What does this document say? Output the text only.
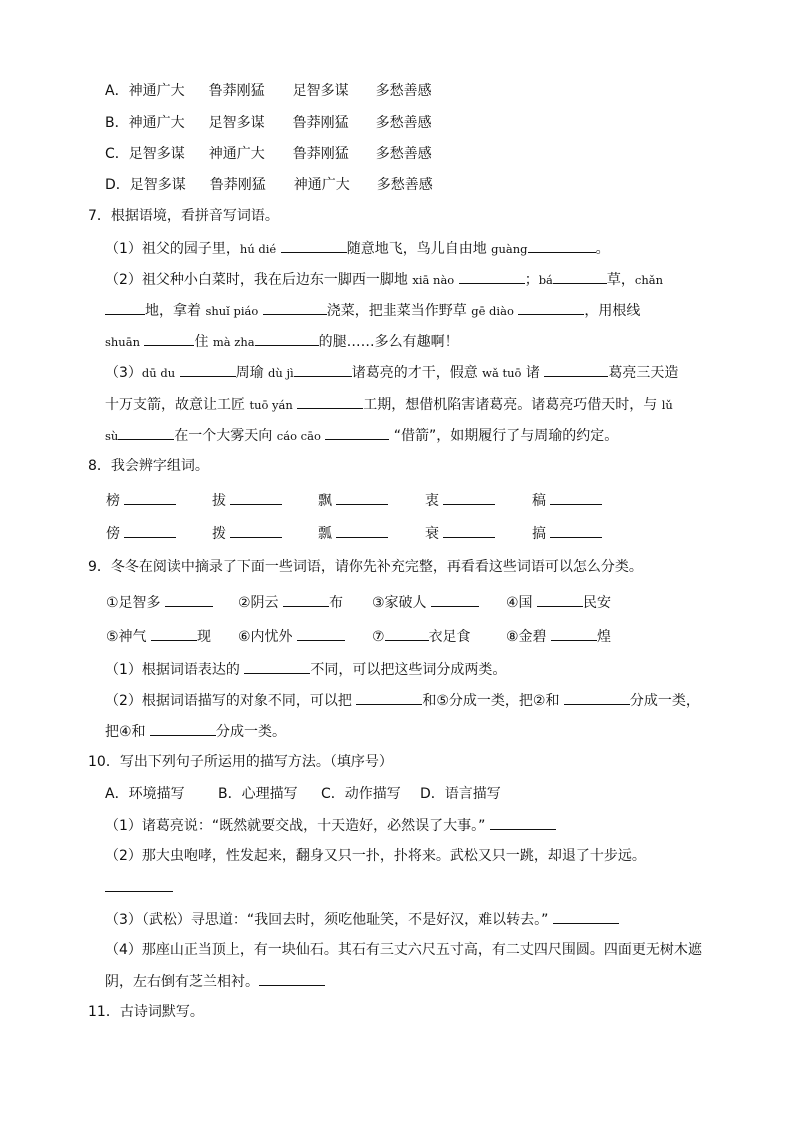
A．神通广大 鲁莽刚猛 足智多谋 多愁善感
B．神通广大 足智多谋 鲁莽刚猛 多愁善感
C．足智多谋 神通广大 鲁莽刚猛 多愁善感
D．足智多谋 鲁莽刚猛 神通广大 多愁善感
7．根据语境，看拼音写词语。
（1）祖父的园子里，hú dié	随意地飞，鸟儿自由地 guàng	。
（2）祖父种小白菜时，我在后边东一脚西一脚地 xiā nào	；bá	草，chǎn
地，拿着 shuǐ piáo	浇菜，把韭菜当作野草 gē diào	，用根线
shuān	住 mà zha	的腿……多么有趣啊！
（3）dū du	周瑜 dù jì	诸葛亮的才干，假意 wǎ tuō 诸	葛亮三天造
十万支箭，故意让工匠 tuō yán	工期，想借机陷害诸葛亮。诸葛亮巧借天时，与 lǔ
sù	在一个大雾天向 cáo cāo	“借箭”，如期履行了与周瑜的约定。
8．我会辨字组词。
榜	拔	飘	衷	稿
傍	拨	瓢	衰	搞
9．冬冬在阅读中摘录了下面一些词语，请你先补充完整，再看看这些词语可以怎么分类。
①足智多	②阴云	布 ③家破人	④国	民安
⑤神气	现 ⑥内忧外	⑦	衣足食	⑧金碧	煌
（1）根据词语表达的	不同，可以把这些词分成两类。
（2）根据词语描写的对象不同，可以把	和⑤分成一类，把②和	分成一类，
把④和	分成一类。
10．写出下列句子所运用的描写方法。（填序号）
A．环境描写 B．心理描写 C．动作描写 D．语言描写
（1）诸葛亮说：“既然就要交战，十天造好，必然误了大事。”
（2）那大虫咆哮，性发起来，翻身又只一扑，扑将来。武松又只一跳，却退了十步远。
（3）（武松）寻思道：“我回去时，须吃他耻笑，不是好汉，难以转去。”
（4）那座山正当顶上，有一块仙石。其石有三丈六尺五寸高，有二丈四尺围圆。四面更无树木遮
阴，左右倒有芝兰相衬。
11．古诗词默写。
